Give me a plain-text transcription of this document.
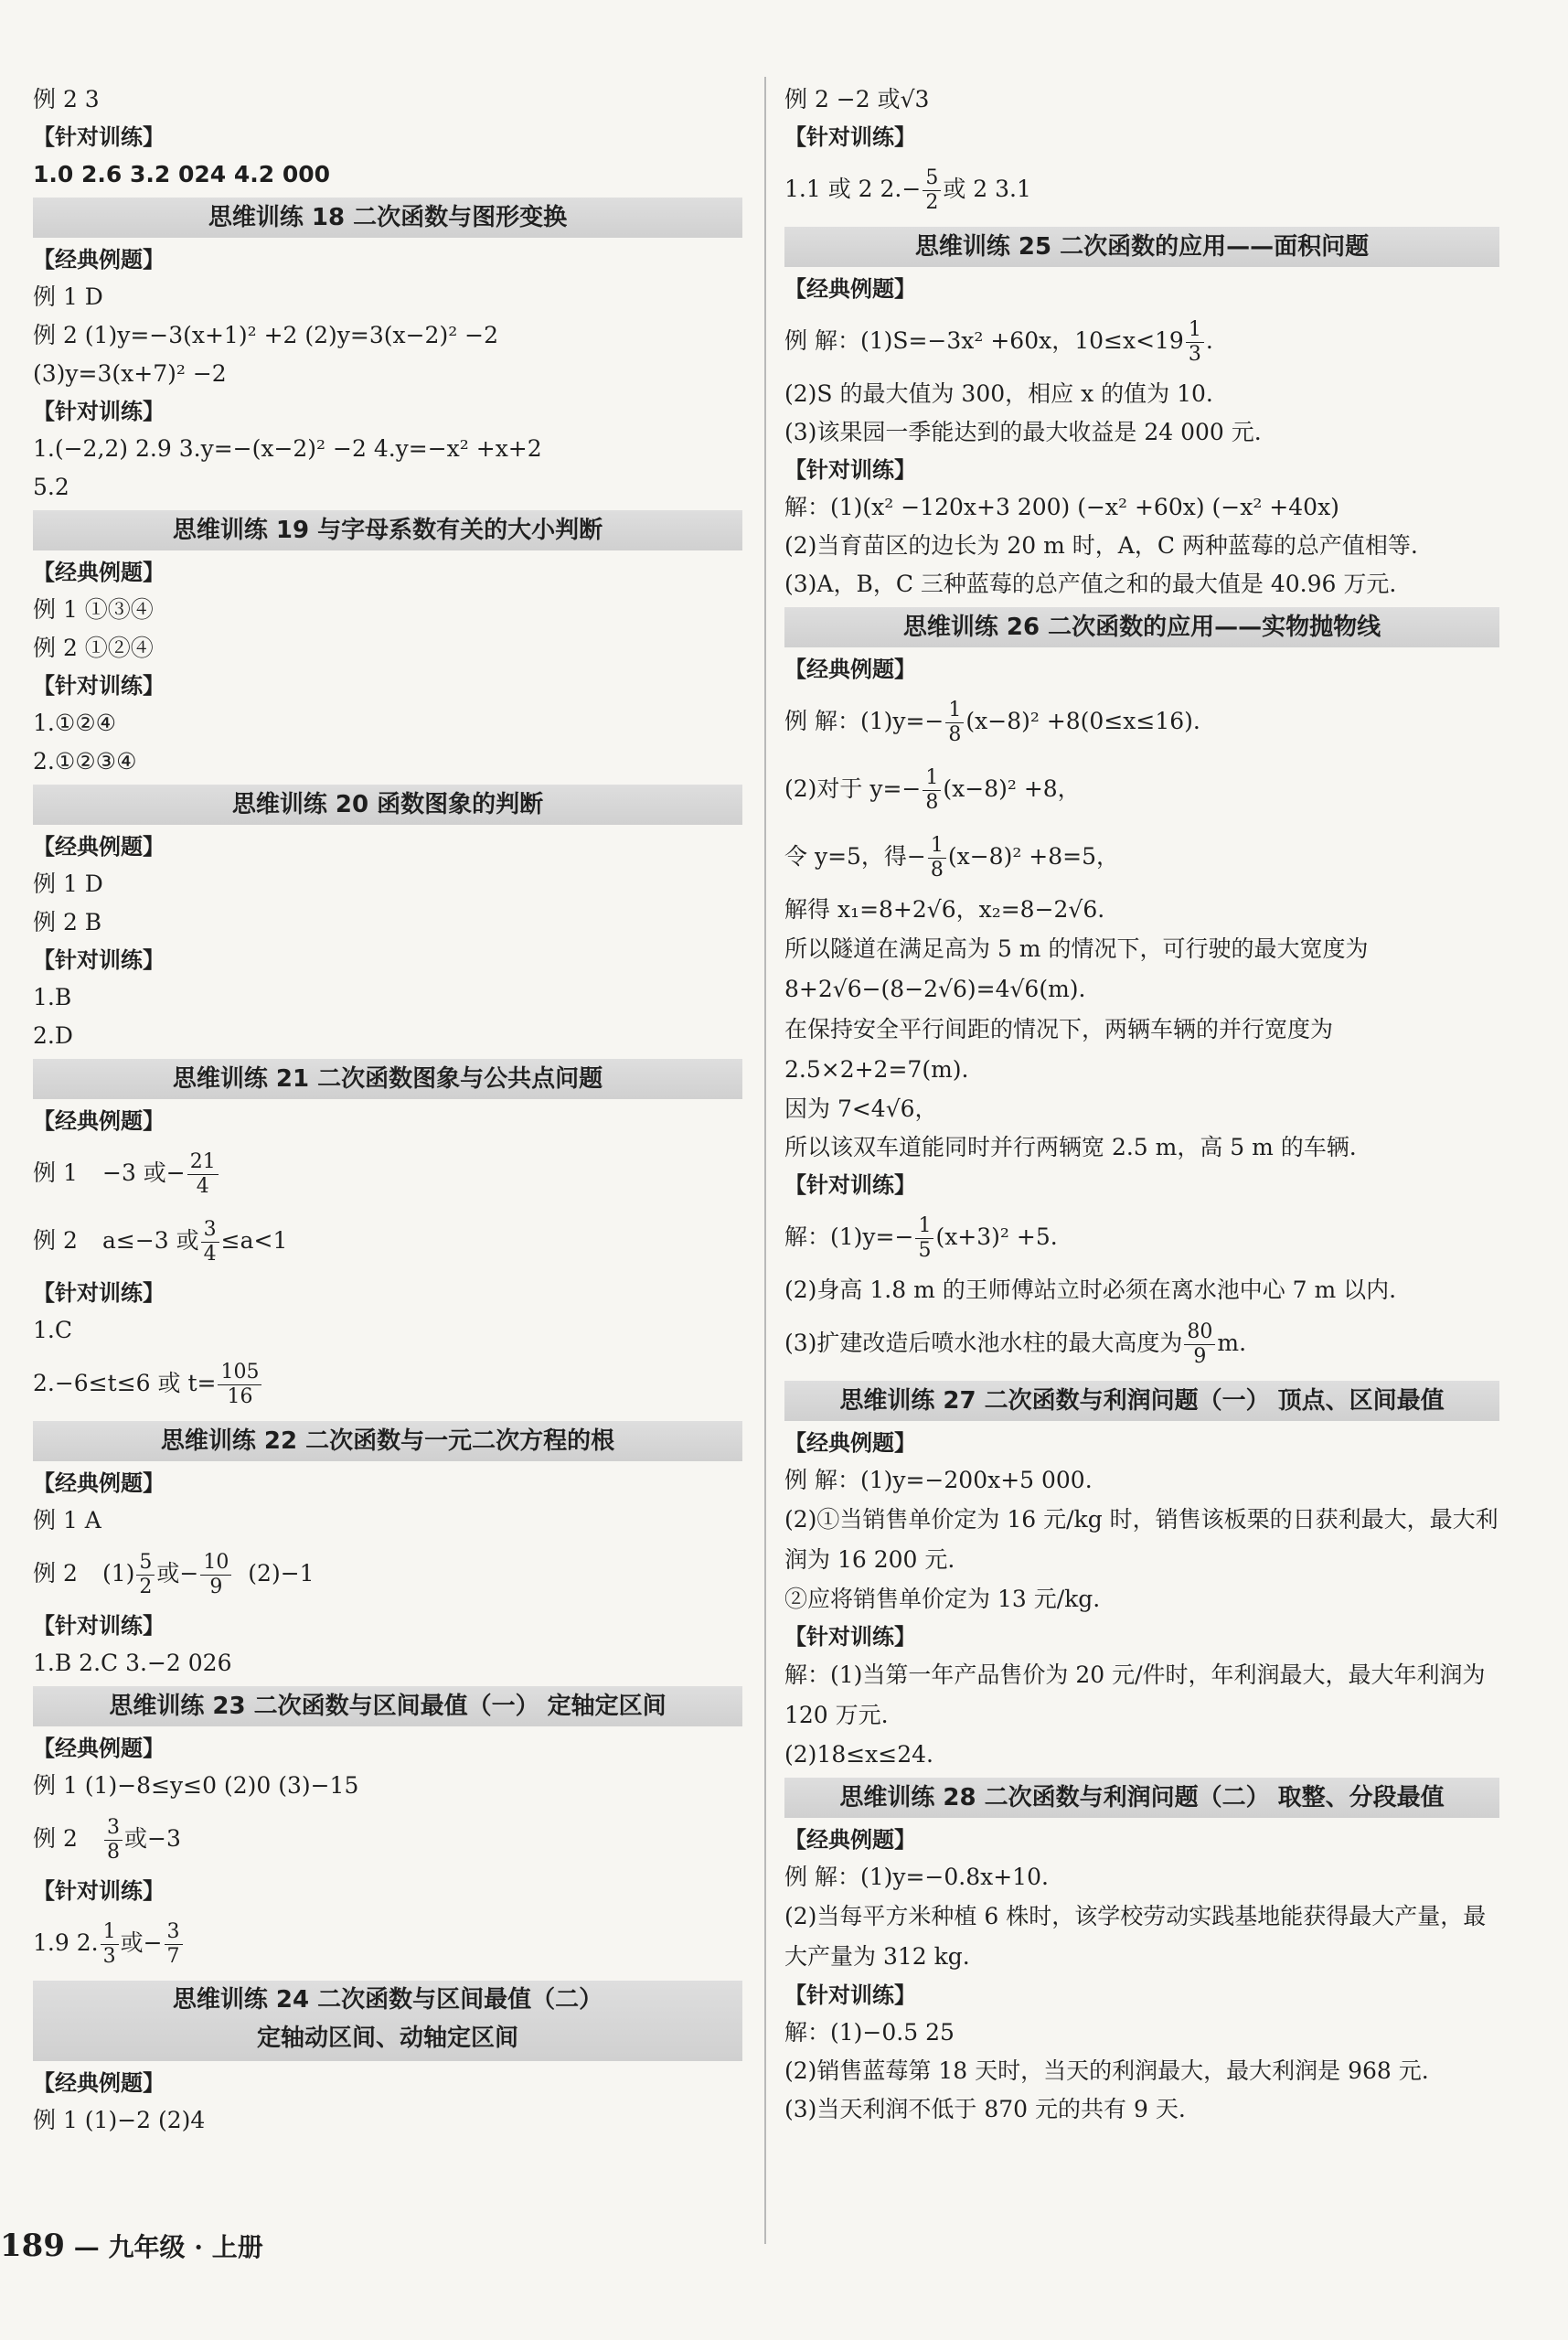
例 2 3
【针对训练】
1.0 2.6 3.2 024 4.2 000
思维训练 18 二次函数与图形变换
【经典例题】
例 1 D
例 2 (1)y=−3(x+1)² +2 (2)y=3(x−2)² −2
(3)y=3(x+7)² −2
【针对训练】
1.(−2,2) 2.9 3.y=−(x−2)² −2 4.y=−x² +x+2
5.2
思维训练 19 与字母系数有关的大小判断
【经典例题】
例 1 ①③④
例 2 ①②④
【针对训练】
1.①②④
2.①②③④
思维训练 20 函数图象的判断
【经典例题】
例 1 D
例 2 B
【针对训练】
1.B
2.D
思维训练 21 二次函数图象与公共点问题
【经典例题】
例 1 −3 或− $\frac{21}{4}$
例 2 a≤−3 或 $\frac{3}{4} \le a<1$
【针对训练】
1.C
2.−6≤t≤6 或 $t= \frac{105}{16}$
思维训练 22 二次函数与一元二次方程的根
【经典例题】
例 1 A
例 2 $(1) \frac{5}{2}$ 或− $\frac{10}{9} (2)-1$
【针对训练】
1.B 2.C 3.−2 026
思维训练 23 二次函数与区间最值（一） 定轴定区间
【经典例题】
例 1 (1)−8≤y≤0 (2)0 (3)−15
例 $2 \frac{3}{8}$ 或−3
【针对训练】
1.9 2. $\frac{1}{3}$ 或− $\frac{3}{7}$
思维训练 24 二次函数与区间最值（二）
定轴动区间、动轴定区间
【经典例题】
例 1 (1)−2 (2)4
例 2 −2 或√3
【针对训练】
1.1 或 2 $2.- \frac{5}{2}$ 或 2 3.1
思维训练 25 二次函数的应用——面积问题
【经典例题】
例 解：(1)S=−3x² +60x，$10\le x<19 \frac{1}{3}$ .
(2)S 的最大值为 300，相应 x 的值为 10.
(3)该果园一季能达到的最大收益是 24 000 元.
【针对训练】
解：(1)(x² −120x+3 200) (−x² +60x) (−x² +40x)
(2)当育苗区的边长为 20 m 时，A，C 两种蓝莓的总产值相等.
(3)A，B，C 三种蓝莓的总产值之和的最大值是 40.96 万元.
思维训练 26 二次函数的应用——实物抛物线
【经典例题】
例 解：$(1)y=- \frac{1}{8} (x-8)^2 +8(0\le x\le 16)$.
(2)对于 $y=- \frac{1}{8} (x-8)^2 +8$，
令 y=5，得− $\frac{1}{8} (x-8)^2 +8=5$，
解得 x₁=8+2√6，x₂=8−2√6.
所以隧道在满足高为 5 m 的情况下，可行驶的最大宽度为 8+2√6−(8−2√6)=4√6(m).
在保持安全平行间距的情况下，两辆车辆的并行宽度为 2.5×2+2=7(m).
因为 7<4√6，
所以该双车道能同时并行两辆宽 2.5 m，高 5 m 的车辆.
【针对训练】
解：$(1)y=- \frac{1}{5} (x+3)^2 +5$.
(2)身高 1.8 m 的王师傅站立时必须在离水池中心 7 m 以内.
(3)扩建改造后喷水池水柱的最大高度为 $\frac{80}{9} m$.
思维训练 27 二次函数与利润问题（一） 顶点、区间最值
【经典例题】
例 解：(1)y=−200x+5 000.
(2)①当销售单价定为 16 元/kg 时，销售该板栗的日获利最大，最大利润为 16 200 元.
②应将销售单价定为 13 元/kg.
【针对训练】
解：(1)当第一年产品售价为 20 元/件时，年利润最大，最大年利润为 120 万元.
(2)18≤x≤24.
思维训练 28 二次函数与利润问题（二） 取整、分段最值
【经典例题】
例 解：(1)y=−0.8x+10.
(2)当每平方米种植 6 株时，该学校劳动实践基地能获得最大产量，最大产量为 312 kg.
【针对训练】
解：(1)−0.5 25
(2)销售蓝莓第 18 天时，当天的利润最大，最大利润是 968 元.
(3)当天利润不低于 870 元的共有 9 天.
189 — 九年级 · 上册
